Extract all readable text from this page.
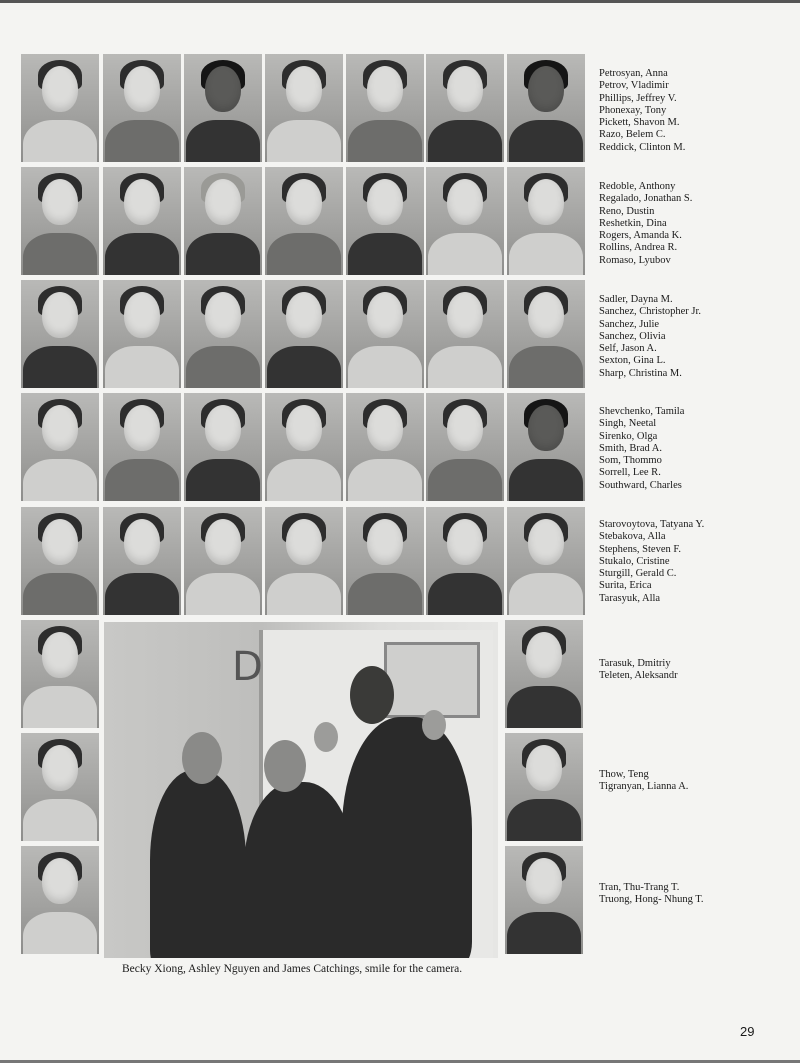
Petrosyan, Anna
Petrov, Vladimir
Phillips, Jeffrey V.
Phonexay, Tony
Pickett, Shavon M.
Razo, Belem C.
Reddick, Clinton M.
Redoble, Anthony
Regalado, Jonathan S.
Reno, Dustin
Reshetkin, Dina
Rogers, Amanda K.
Rollins, Andrea R.
Romaso, Lyubov
Sadler, Dayna M.
Sanchez, Christopher Jr.
Sanchez, Julie
Sanchez, Olivia
Self, Jason A.
Sexton, Gina L.
Sharp, Christina M.
Shevchenko, Tamila
Singh, Neetal
Sirenko, Olga
Smith, Brad A.
Som, Thommo
Sorrell, Lee R.
Southward, Charles
Starovoytova, Tatyana Y.
Stebakova, Alla
Stephens, Steven F.
Stukalo, Cristine
Sturgill, Gerald C.
Surita, Erica
Tarasyuk, Alla
Tarasuk, Dmitriy
Teleten, Aleksandr
Thow, Teng
Tigranyan, Lianna A.
Tran, Thu-Trang T.
Truong, Hong- Nhung T.
D
Becky Xiong, Ashley Nguyen and James Catchings, smile for the camera.
29
